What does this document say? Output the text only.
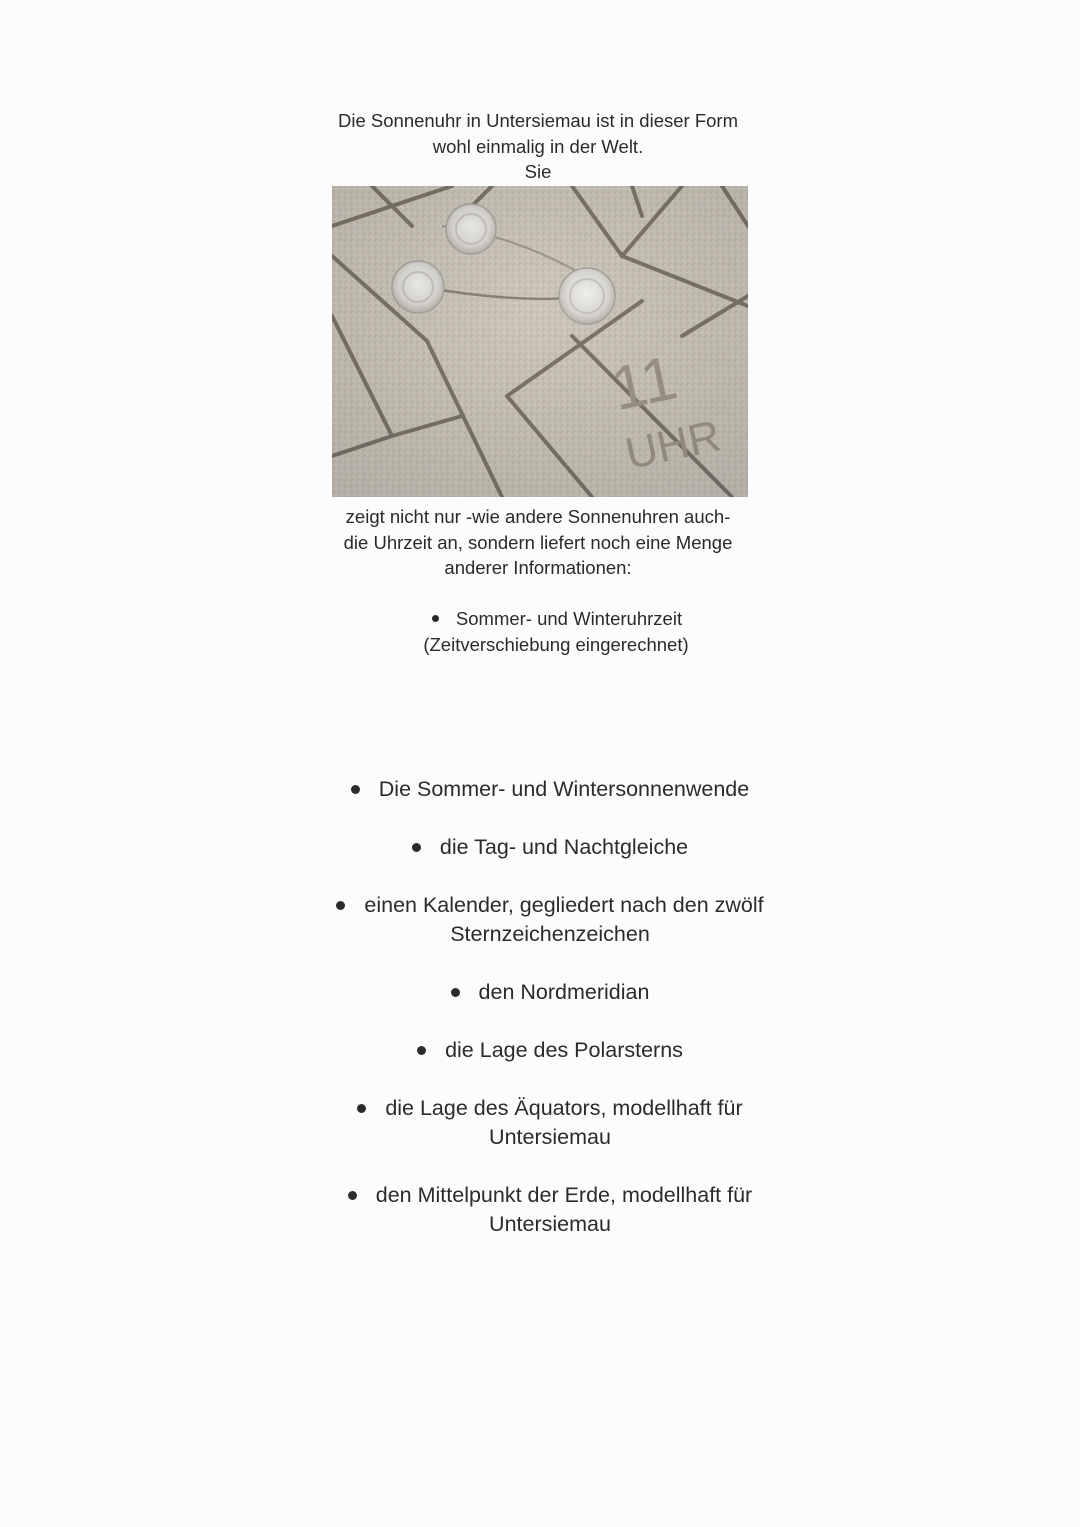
Die Sonnenuhr in Untersiemau ist in dieser Form
wohl einmalig in der Welt.
Sie
zeigt nicht nur -wie andere Sonnenuhren auch-
die Uhrzeit an, sondern liefert noch eine Menge
anderer Informationen:
Sommer- und Winteruhrzeit
(Zeitverschiebung eingerechnet)
Die Sommer- und Wintersonnenwende
die Tag- und Nachtgleiche
einen Kalender, gegliedert nach den zwölf
Sternzeichenzeichen
den Nordmeridian
die Lage des Polarsterns
die Lage des Äquators, modellhaft für
Untersiemau
den Mittelpunkt der Erde, modellhaft für
Untersiemau
